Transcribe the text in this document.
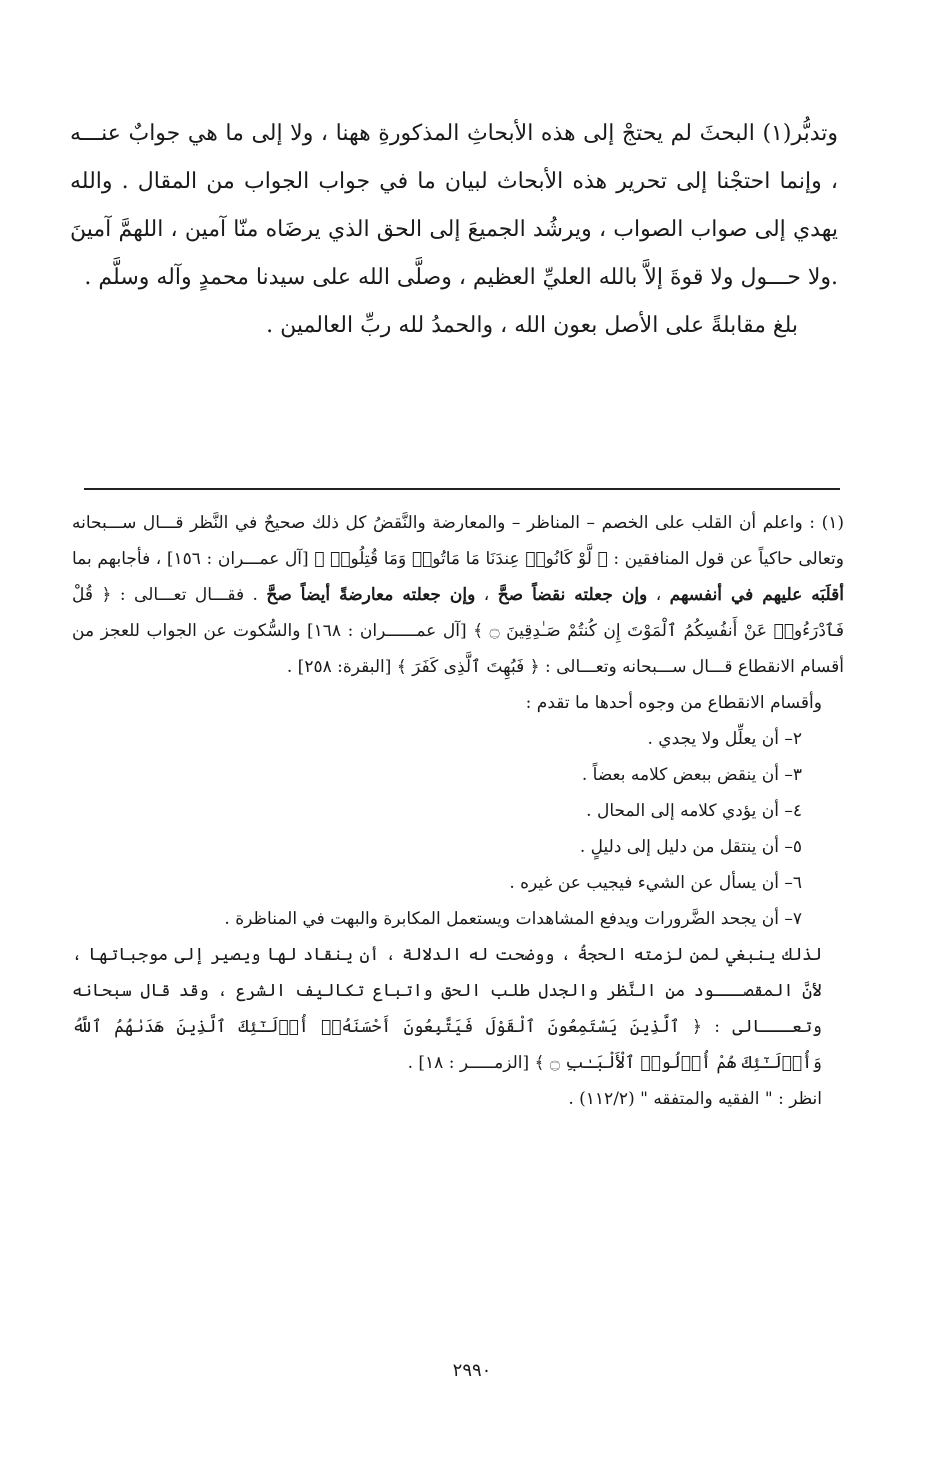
وتدبُّر(١) البحثَ لم يحتجْ إلى هذه الأبحاثِ المذكورةِ ههنا ، ولا إلى ما هي جوابٌ عنـــه ، وإنما احتجْنا إلى تحرير هذه الأبحاث لبيان ما في جواب الجواب من المقال . والله يهدي إلى صواب الصواب ، ويرشُد الجميعَ إلى الحق الذي يرضَاه منّا آمين ، اللهمَّ آمينَ .ولا حـــول ولا قوةَ إلاَّ بالله العليِّ العظيم ، وصلَّى الله على سيدنا محمدٍ وآله وسلَّم .

بلغ مقابلةً على الأصل بعون الله ، والحمدُ لله ربِّ العالمين .

(١) : واعلم أن القلب على الخصم – المناظر – والمعارضة والنَّقضُ كل ذلك صحيحٌ في النَّظر قـــال ســـبحانه وتعالى حاكياً عن قول المنافقين : ﴿ لَّوْ كَانُوا۟ عِندَنَا مَا مَاتُوا۟ وَمَا قُتِلُوا۟ ﴾ [آل عمـــران : ١٥٦] ، فأجابهم بما أقلَبَه عليهم في أنفسهم ، وإن جعلته نقضاً صحَّ ، وإن جعلته معارضةً أيضاً صحَّ . فقـــال تعـــالى : ﴿ قُلْ فَٱدْرَءُوا۟ عَنْ أَنفُسِكُمُ ٱلْمَوْتَ إِن كُنتُمْ صَـٰدِقِينَ ۝ ﴾ [آل عمــــــران : ١٦٨] والسُّكوت عن الجواب للعجز من أقسام الانقطاع قـــال ســـبحانه وتعـــالى : ﴿ فَبُهِتَ ٱلَّذِى كَفَرَ ﴾ [البقرة: ٢٥٨] .

وأقسام الانقطاع من وجوه أحدها ما تقدم :

٢– أن يعلِّل ولا يجدي .

٣– أن ينقض ببعض كلامه بعضاً .

٤– أن يؤدي كلامه إلى المحال .

٥– أن ينتقل من دليل إلى دليلٍ .

٦– أن يسأل عن الشيء فيجيب عن غيره .

٧– أن يجحد الضَّرورات ويدفع المشاهدات ويستعمل المكابرة والبهت في المناظرة .

لذلك ينبغي لمن لزمته الحجةُ ، ووضحت له الدلالة ، أن ينقاد لها ويصير إلى موجباتها ، لأنَّ المقصـــود من النَّظر والجدل طلب الحق واتباع تكاليف الشرع ، وقد قال سبحانه وتعـــالى : ﴿ ٱلَّذِينَ يَسْتَمِعُونَ ٱلْقَوْلَ فَيَتَّبِعُونَ أَحْسَنَهُۥٓ أُو۟لَـٰٓئِكَ ٱلَّذِينَ هَدَىٰهُمُ ٱللَّهُ وَأُو۟لَـٰٓئِكَ هُمْ أُو۟لُوا۟ ٱلْأَلْبَـٰبِ ۝ ﴾ [الزمـــــر : ١٨] .

انظر : " الفقيه والمتفقه " (١١٢/٢) .

٢٩٩٠
